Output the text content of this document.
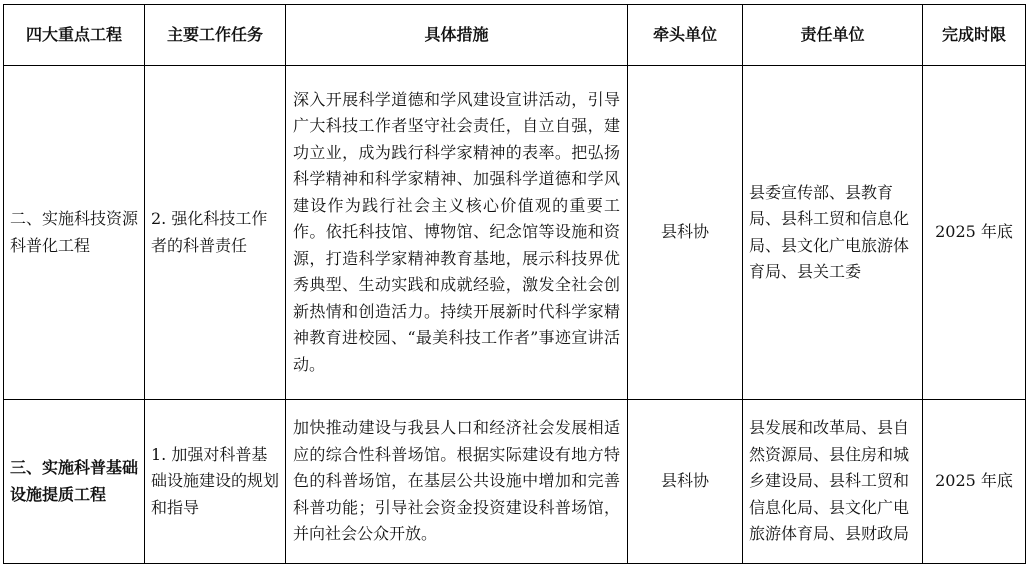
四大重点工程	主要工作任务	具体措施	牵头单位	责任单位	完成时限
二、实施科技资源科普化工程	2. 强化科技工作者的科普责任	深入开展科学道德和学风建设宣讲活动，引导广大科技工作者坚守社会责任，自立自强，建功立业，成为践行科学家精神的表率。把弘扬科学精神和科学家精神、加强科学道德和学风建设作为践行社会主义核心价值观的重要工作。依托科技馆、博物馆、纪念馆等设施和资源，打造科学家精神教育基地，展示科技界优秀典型、生动实践和成就经验，激发全社会创新热情和创造活力。持续开展新时代科学家精神教育进校园、“最美科技工作者”事迹宣讲活动。	县科协	县委宣传部、县教育局、县科工贸和信息化局、县文化广电旅游体育局、县关工委	2025 年底
三、实施科普基础设施提质工程	1. 加强对科普基础设施建设的规划和指导	加快推动建设与我县人口和经济社会发展相适应的综合性科普场馆。根据实际建设有地方特色的科普场馆，在基层公共设施中增加和完善科普功能；引导社会资金投资建设科普场馆，并向社会公众开放。	县科协	县发展和改革局、县自然资源局、县住房和城乡建设局、县科工贸和信息化局、县文化广电旅游体育局、县财政局	2025 年底
